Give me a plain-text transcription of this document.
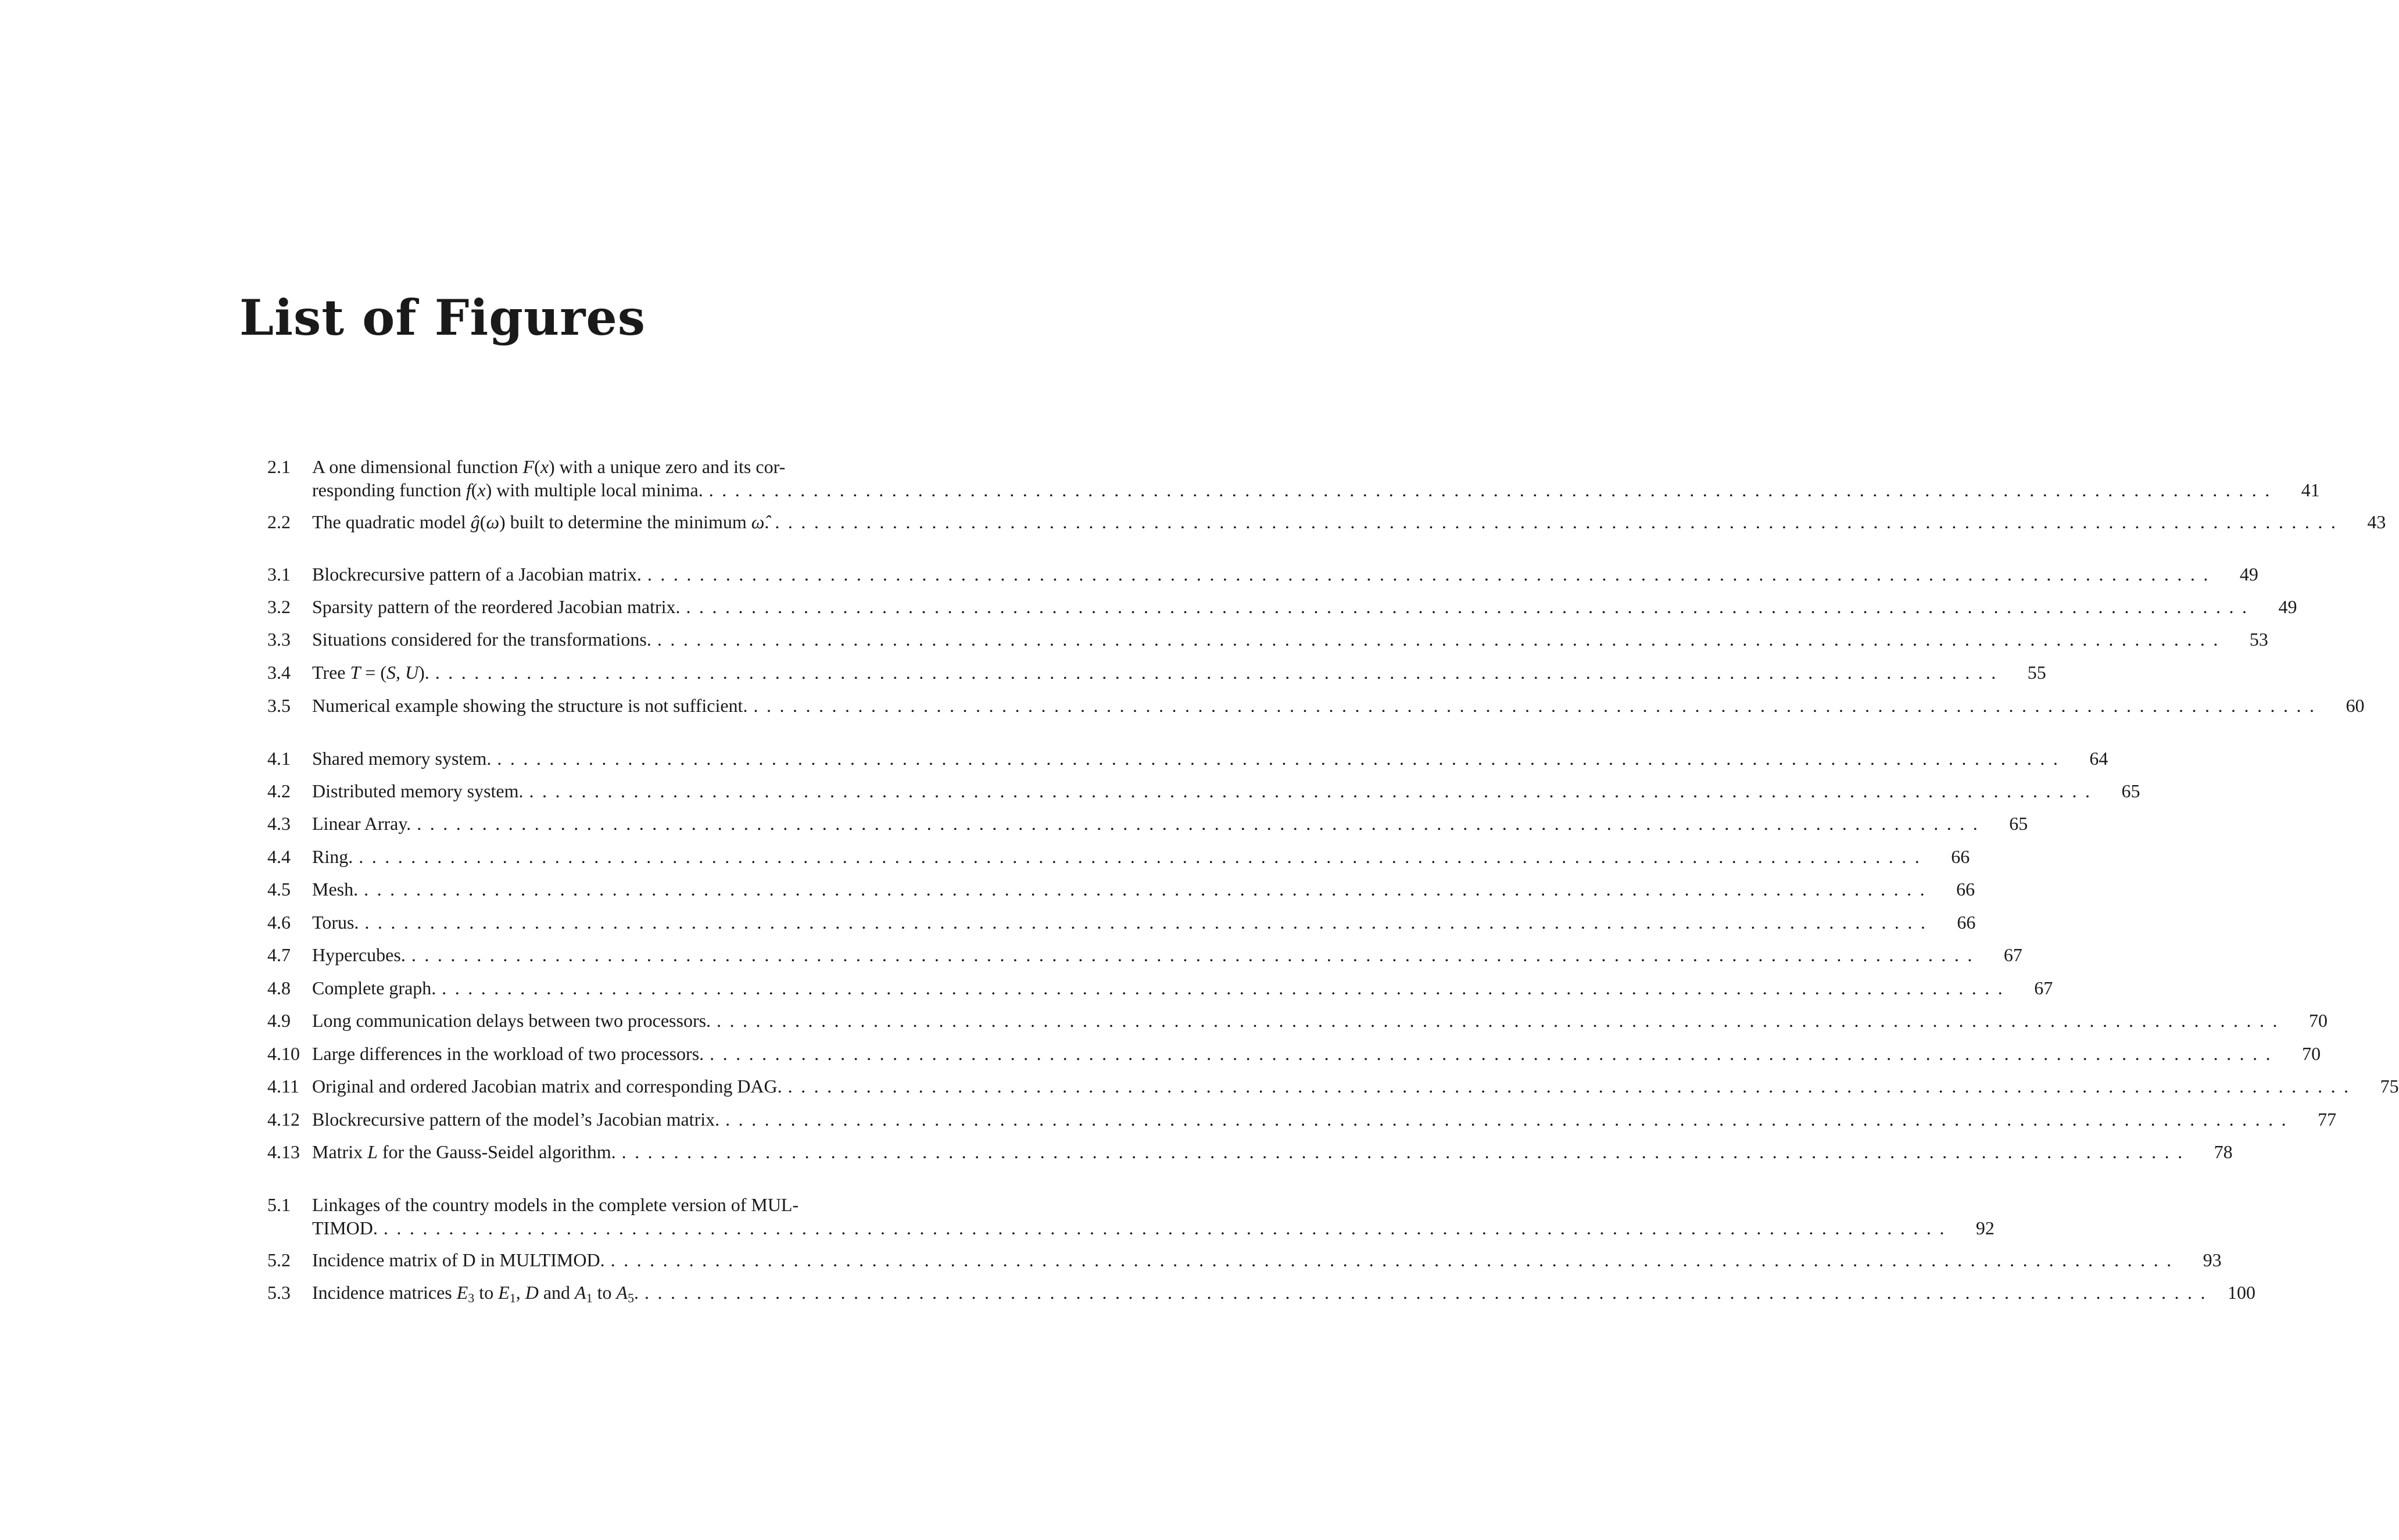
List of Figures
2.1 A one dimensional function F(x) with a unique zero and its cor-
responding function f(x) with multiple local minima. ........................................................................................................................	41
2.2 The quadratic model ĝ(ω) built to determine the minimum ω̂. ........................................................................................................................	43
3.1 Blockrecursive pattern of a Jacobian matrix. ........................................................................................................................	49
3.2 Sparsity pattern of the reordered Jacobian matrix. ........................................................................................................................	49
3.3 Situations considered for the transformations. ........................................................................................................................	53
3.4 Tree T = (S, U). ........................................................................................................................	55
3.5 Numerical example showing the structure is not sufficient. ........................................................................................................................	60
4.1 Shared memory system. ........................................................................................................................	64
4.2 Distributed memory system. ........................................................................................................................	65
4.3 Linear Array. ........................................................................................................................	65
4.4 Ring. ........................................................................................................................	66
4.5 Mesh. ........................................................................................................................	66
4.6 Torus. ........................................................................................................................	66
4.7 Hypercubes. ........................................................................................................................	67
4.8 Complete graph. ........................................................................................................................	67
4.9 Long communication delays between two processors. ........................................................................................................................	70
4.10 Large differences in the workload of two processors. ........................................................................................................................	70
4.11 Original and ordered Jacobian matrix and corresponding DAG. ........................................................................................................................	75
4.12 Blockrecursive pattern of the model’s Jacobian matrix. ........................................................................................................................	77
4.13 Matrix L for the Gauss-Seidel algorithm. ........................................................................................................................	78
5.1 Linkages of the country models in the complete version of MUL-
TIMOD. ........................................................................................................................	92
5.2 Incidence matrix of D in MULTIMOD. ........................................................................................................................	93
5.3 Incidence matrices $E_3$ to $E_1$, D and $A_1$ to $A_5$. ........................................................................................................................ 100
